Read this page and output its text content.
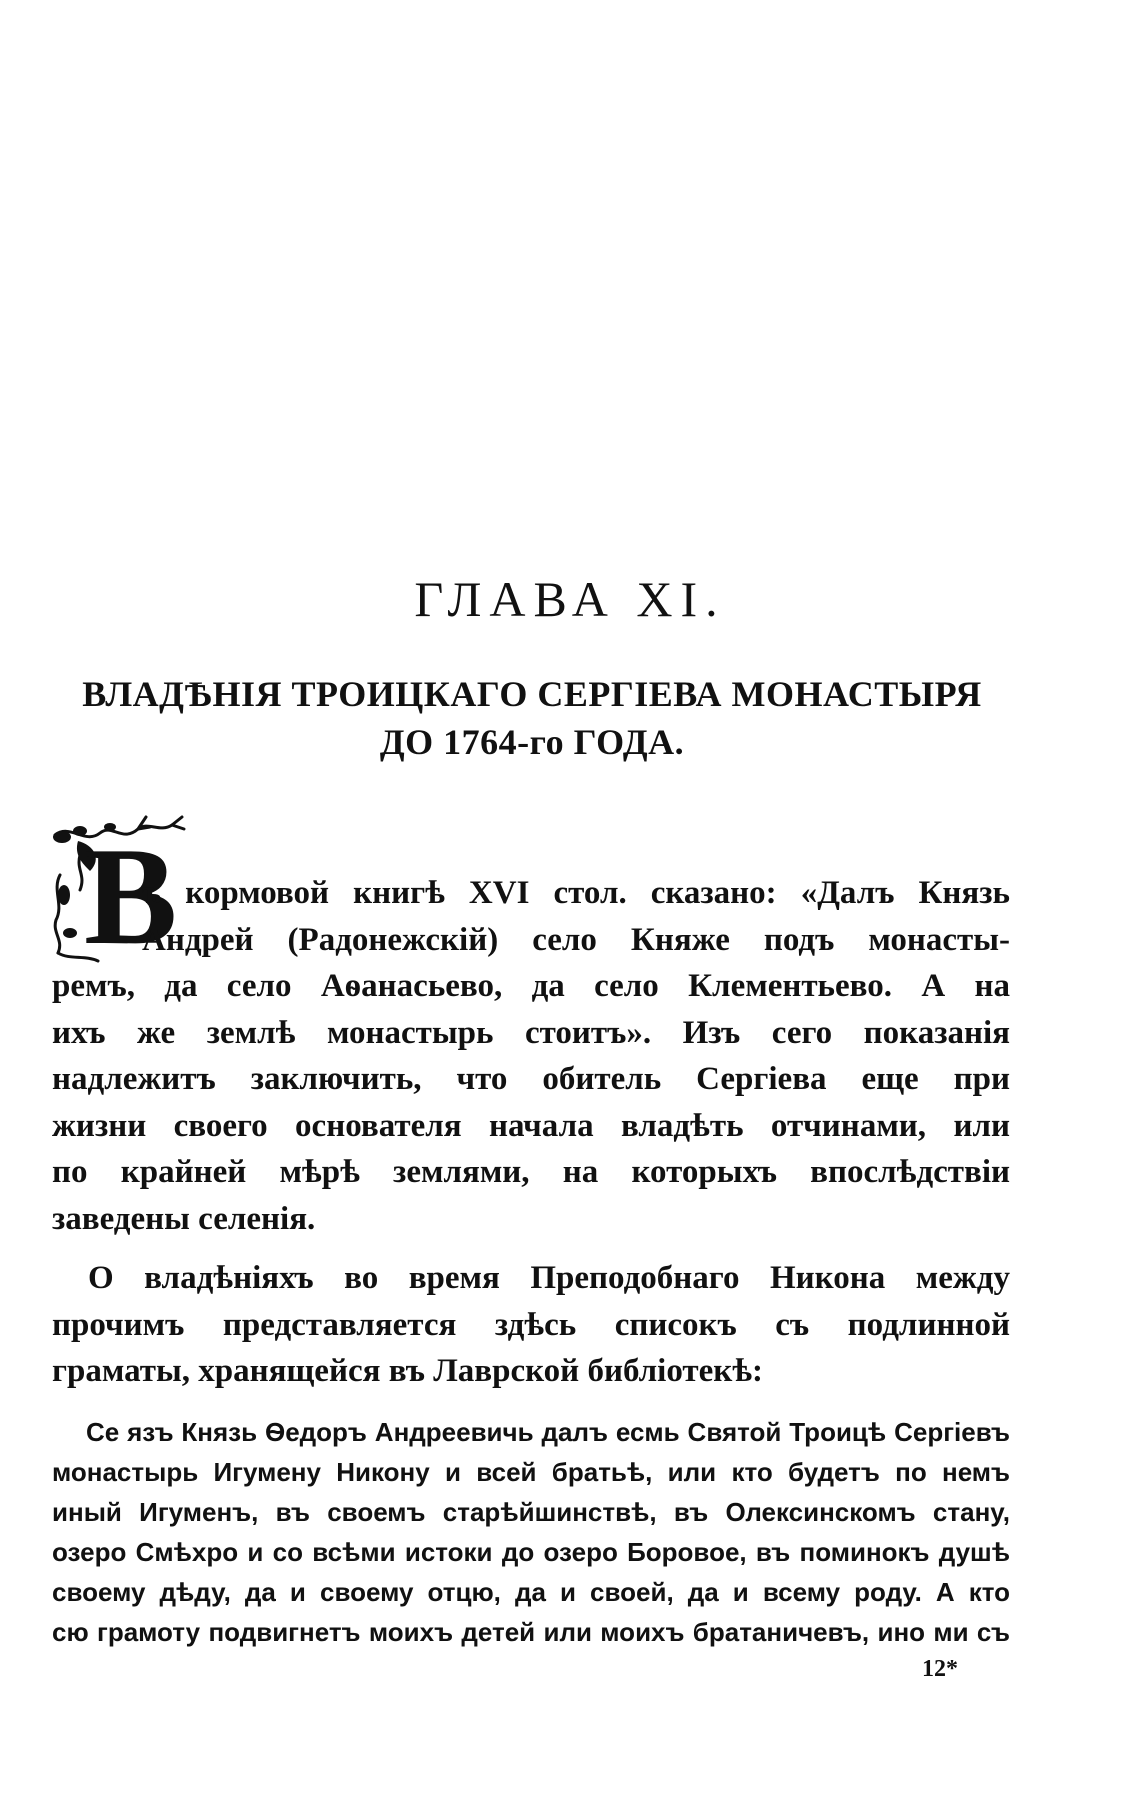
ГЛАВА XI.
ВЛАДѢНІЯ ТРОИЦКАГО СЕРГІЕВА МОНАСТЫРЯ
ДО 1764-го ГОДА.
В
ъ кормовой книгѣ XVI стол. сказано: «Далъ Князь
Андрей (Радонежскій) село Княже подъ монасты-
ремъ, да село Аѳанасьево, да село Клементьево. А на
ихъ же землѣ монастырь стоитъ». Изъ сего показанія
надлежитъ заключить, что обитель Сергіева еще при
жизни своего основателя начала владѣть отчинами, или
по крайней мѣрѣ землями, на которыхъ впослѣдствіи
заведены селенія.
О владѣніяхъ во время Преподобнаго Никона между
прочимъ представляется здѣсь списокъ съ подлинной
граматы, хранящейся въ Лаврской библіотекѣ:
Се язъ Князь Ѳедоръ Андреевичь далъ есмь Святой Троицѣ Сергіевъ
монастырь Игумену Никону и всей братьѣ, или кто будетъ по немъ
иный Игуменъ, въ своемъ старѣйшинствѣ, въ Олексинскомъ стану,
озеро Смѣхро и со всѣми истоки до озеро Боровое, въ поминокъ душѣ
своему дѣду, да и своему отцю, да и своей, да и всему роду. А кто
сю грамоту подвигнетъ моихъ детей или моихъ братаничевъ, ино ми съ
12*
